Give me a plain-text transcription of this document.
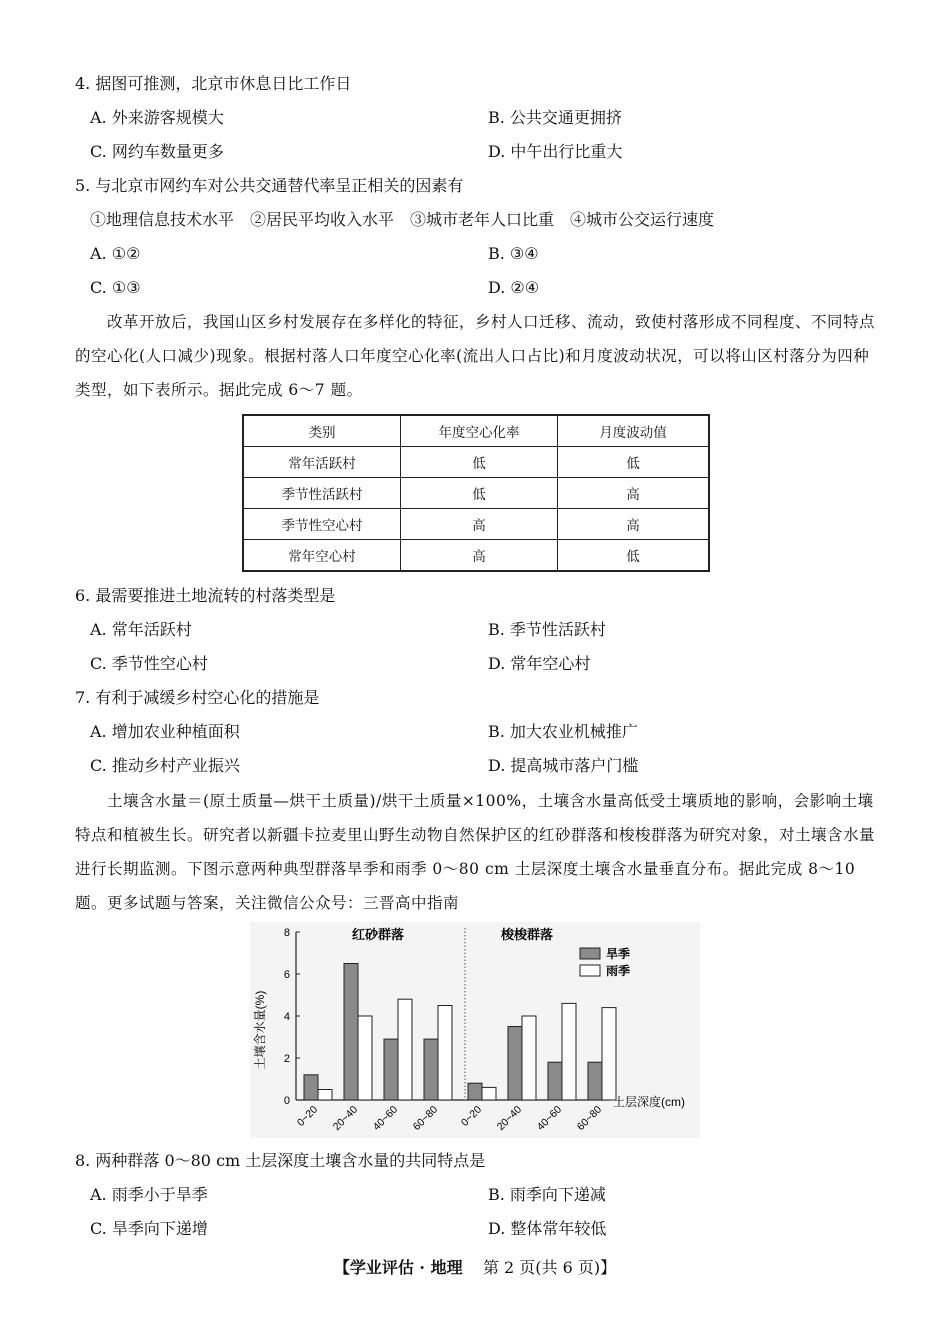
4. 据图可推测，北京市休息日比工作日
A. 外来游客规模大	B. 公共交通更拥挤
C. 网约车数量更多	D. 中午出行比重大
5. 与北京市网约车对公共交通替代率呈正相关的因素有
①地理信息技术水平　②居民平均收入水平　③城市老年人口比重　④城市公交运行速度
A. ①②	B. ③④
C. ①③	D. ②④
改革开放后，我国山区乡村发展存在多样化的特征，乡村人口迁移、流动，致使村落形成不同程度、不同特点的空心化(人口减少)现象。根据村落人口年度空心化率(流出人口占比)和月度波动状况，可以将山区村落分为四种类型，如下表所示。据此完成 6～7 题。
类别	年度空心化率	月度波动值
常年活跃村	低	低
季节性活跃村	低	高
季节性空心村	高	高
常年空心村	高	低
6. 最需要推进土地流转的村落类型是
A. 常年活跃村	B. 季节性活跃村
C. 季节性空心村	D. 常年空心村
7. 有利于减缓乡村空心化的措施是
A. 增加农业种植面积	B. 加大农业机械推广
C. 推动乡村产业振兴	D. 提高城市落户门槛
土壤含水量＝(原土质量—烘干土质量)/烘干土质量×100%，土壤含水量高低受土壤质地的影响，会影响土壤特点和植被生长。研究者以新疆卡拉麦里山野生动物自然保护区的红砂群落和梭梭群落为研究对象，对土壤含水量进行长期监测。下图示意两种典型群落旱季和雨季 0～80 cm 土层深度土壤含水量垂直分布。据此完成 8～10 题。更多试题与答案，关注微信公众号：三晋高中指南
0
2
4
6
8
0~20 20~40 40~60 60~80 0~20 20~40 40~60 60~80
土壤含水量(%)
土层深度(cm)
红砂群落	梭梭群落
旱季
雨季
8. 两种群落 0～80 cm 土层深度土壤含水量的共同特点是
A. 雨季小于旱季	B. 雨季向下递减
C. 旱季向下递增	D. 整体常年较低
【学业评估 · 地理 第 2 页(共 6 页)】
